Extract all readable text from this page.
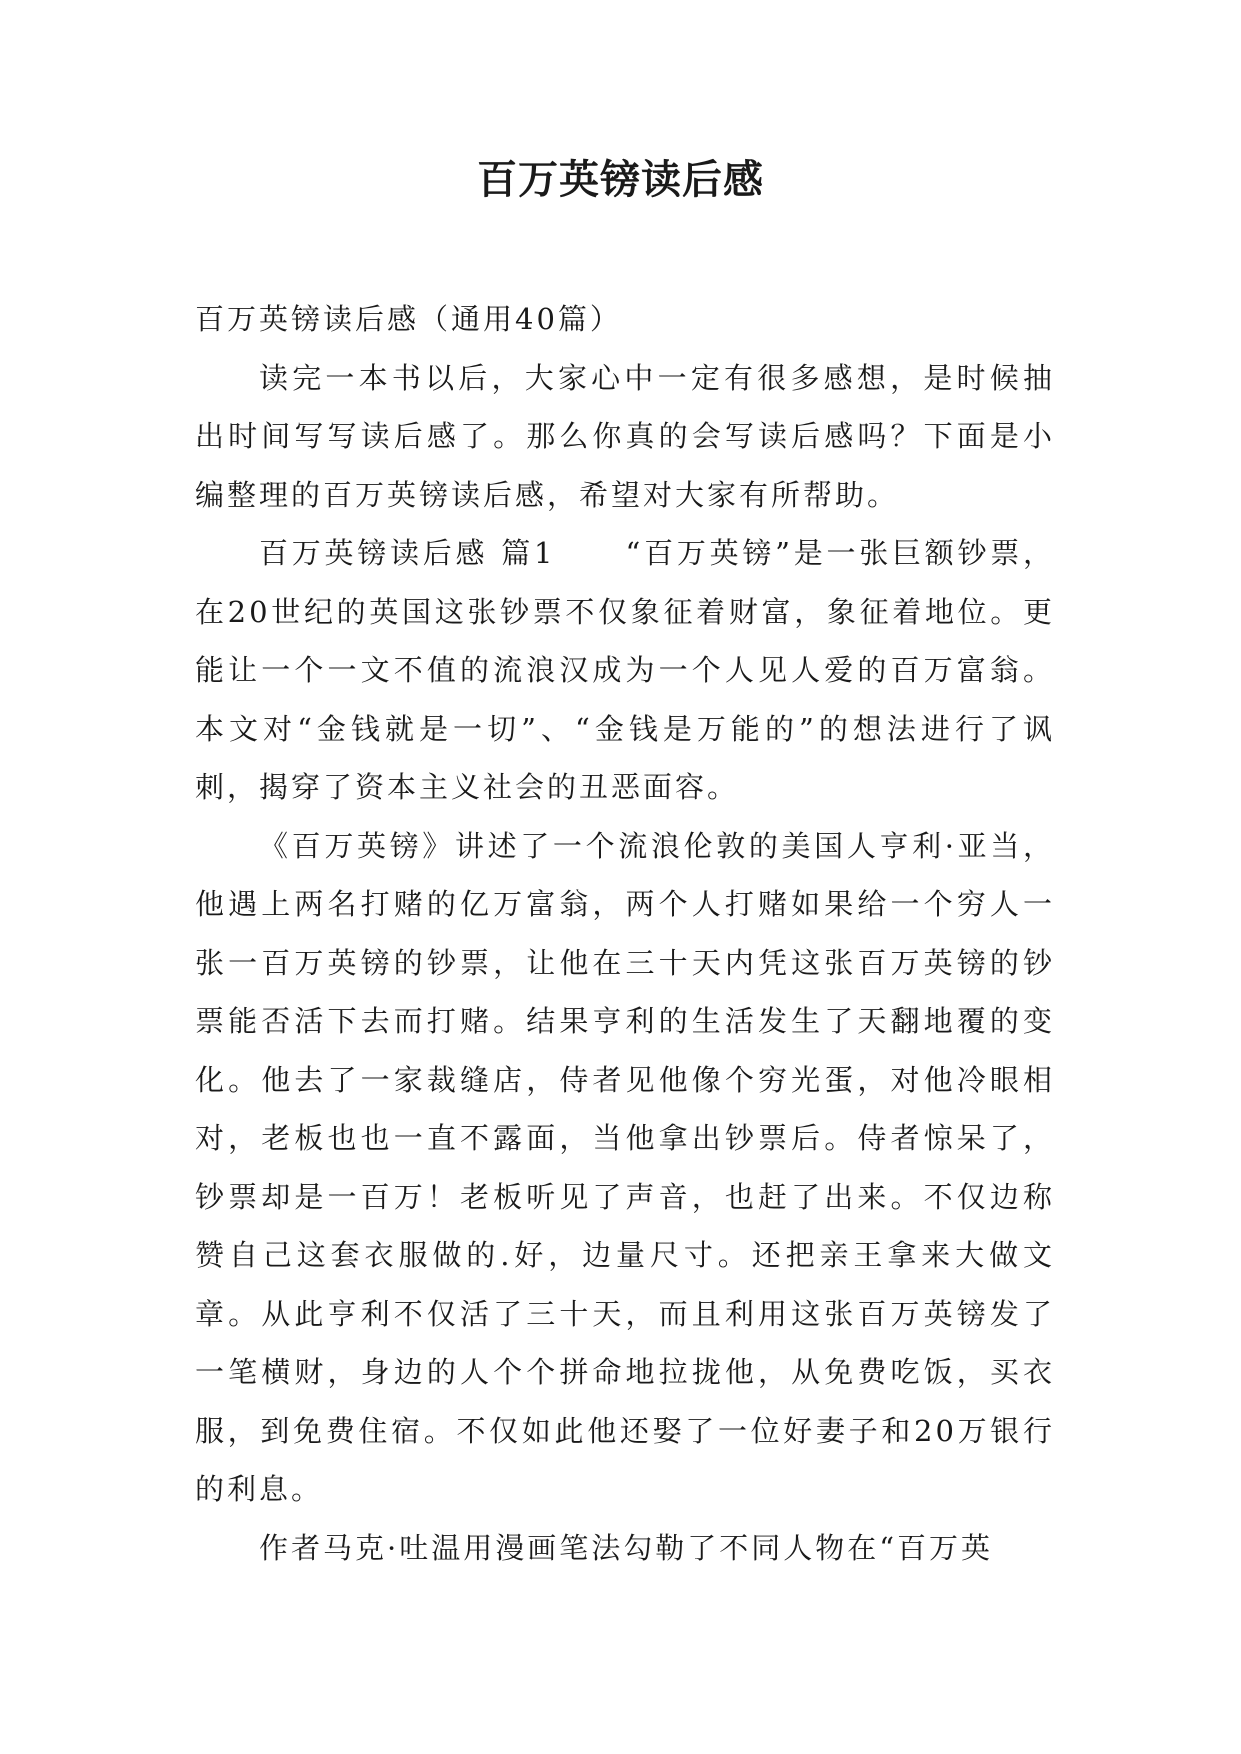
百万英镑读后感

百万英镑读后感（通用40篇）

读完一本书以后，大家心中一定有很多感想，是时候抽出时间写写读后感了。那么你真的会写读后感吗？下面是小编整理的百万英镑读后感，希望对大家有所帮助。

百万英镑读后感 篇1 “百万英镑”是一张巨额钞票，在20世纪的英国这张钞票不仅象征着财富，象征着地位。更能让一个一文不值的流浪汉成为一个人见人爱的百万富翁。本文对“金钱就是一切”、“金钱是万能的”的想法进行了讽刺，揭穿了资本主义社会的丑恶面容。

《百万英镑》讲述了一个流浪伦敦的美国人亨利·亚当，他遇上两名打赌的亿万富翁，两个人打赌如果给一个穷人一张一百万英镑的钞票，让他在三十天内凭这张百万英镑的钞票能否活下去而打赌。结果亨利的生活发生了天翻地覆的变化。他去了一家裁缝店，侍者见他像个穷光蛋，对他冷眼相对，老板也也一直不露面，当他拿出钞票后。侍者惊呆了，钞票却是一百万！老板听见了声音，也赶了出来。不仅边称赞自己这套衣服做的.好，边量尺寸。还把亲王拿来大做文章。从此亨利不仅活了三十天，而且利用这张百万英镑发了一笔横财，身边的人个个拼命地拉拢他，从免费吃饭，买衣服，到免费住宿。不仅如此他还娶了一位好妻子和20万银行的利息。

作者马克·吐温用漫画笔法勾勒了不同人物在“百万英
